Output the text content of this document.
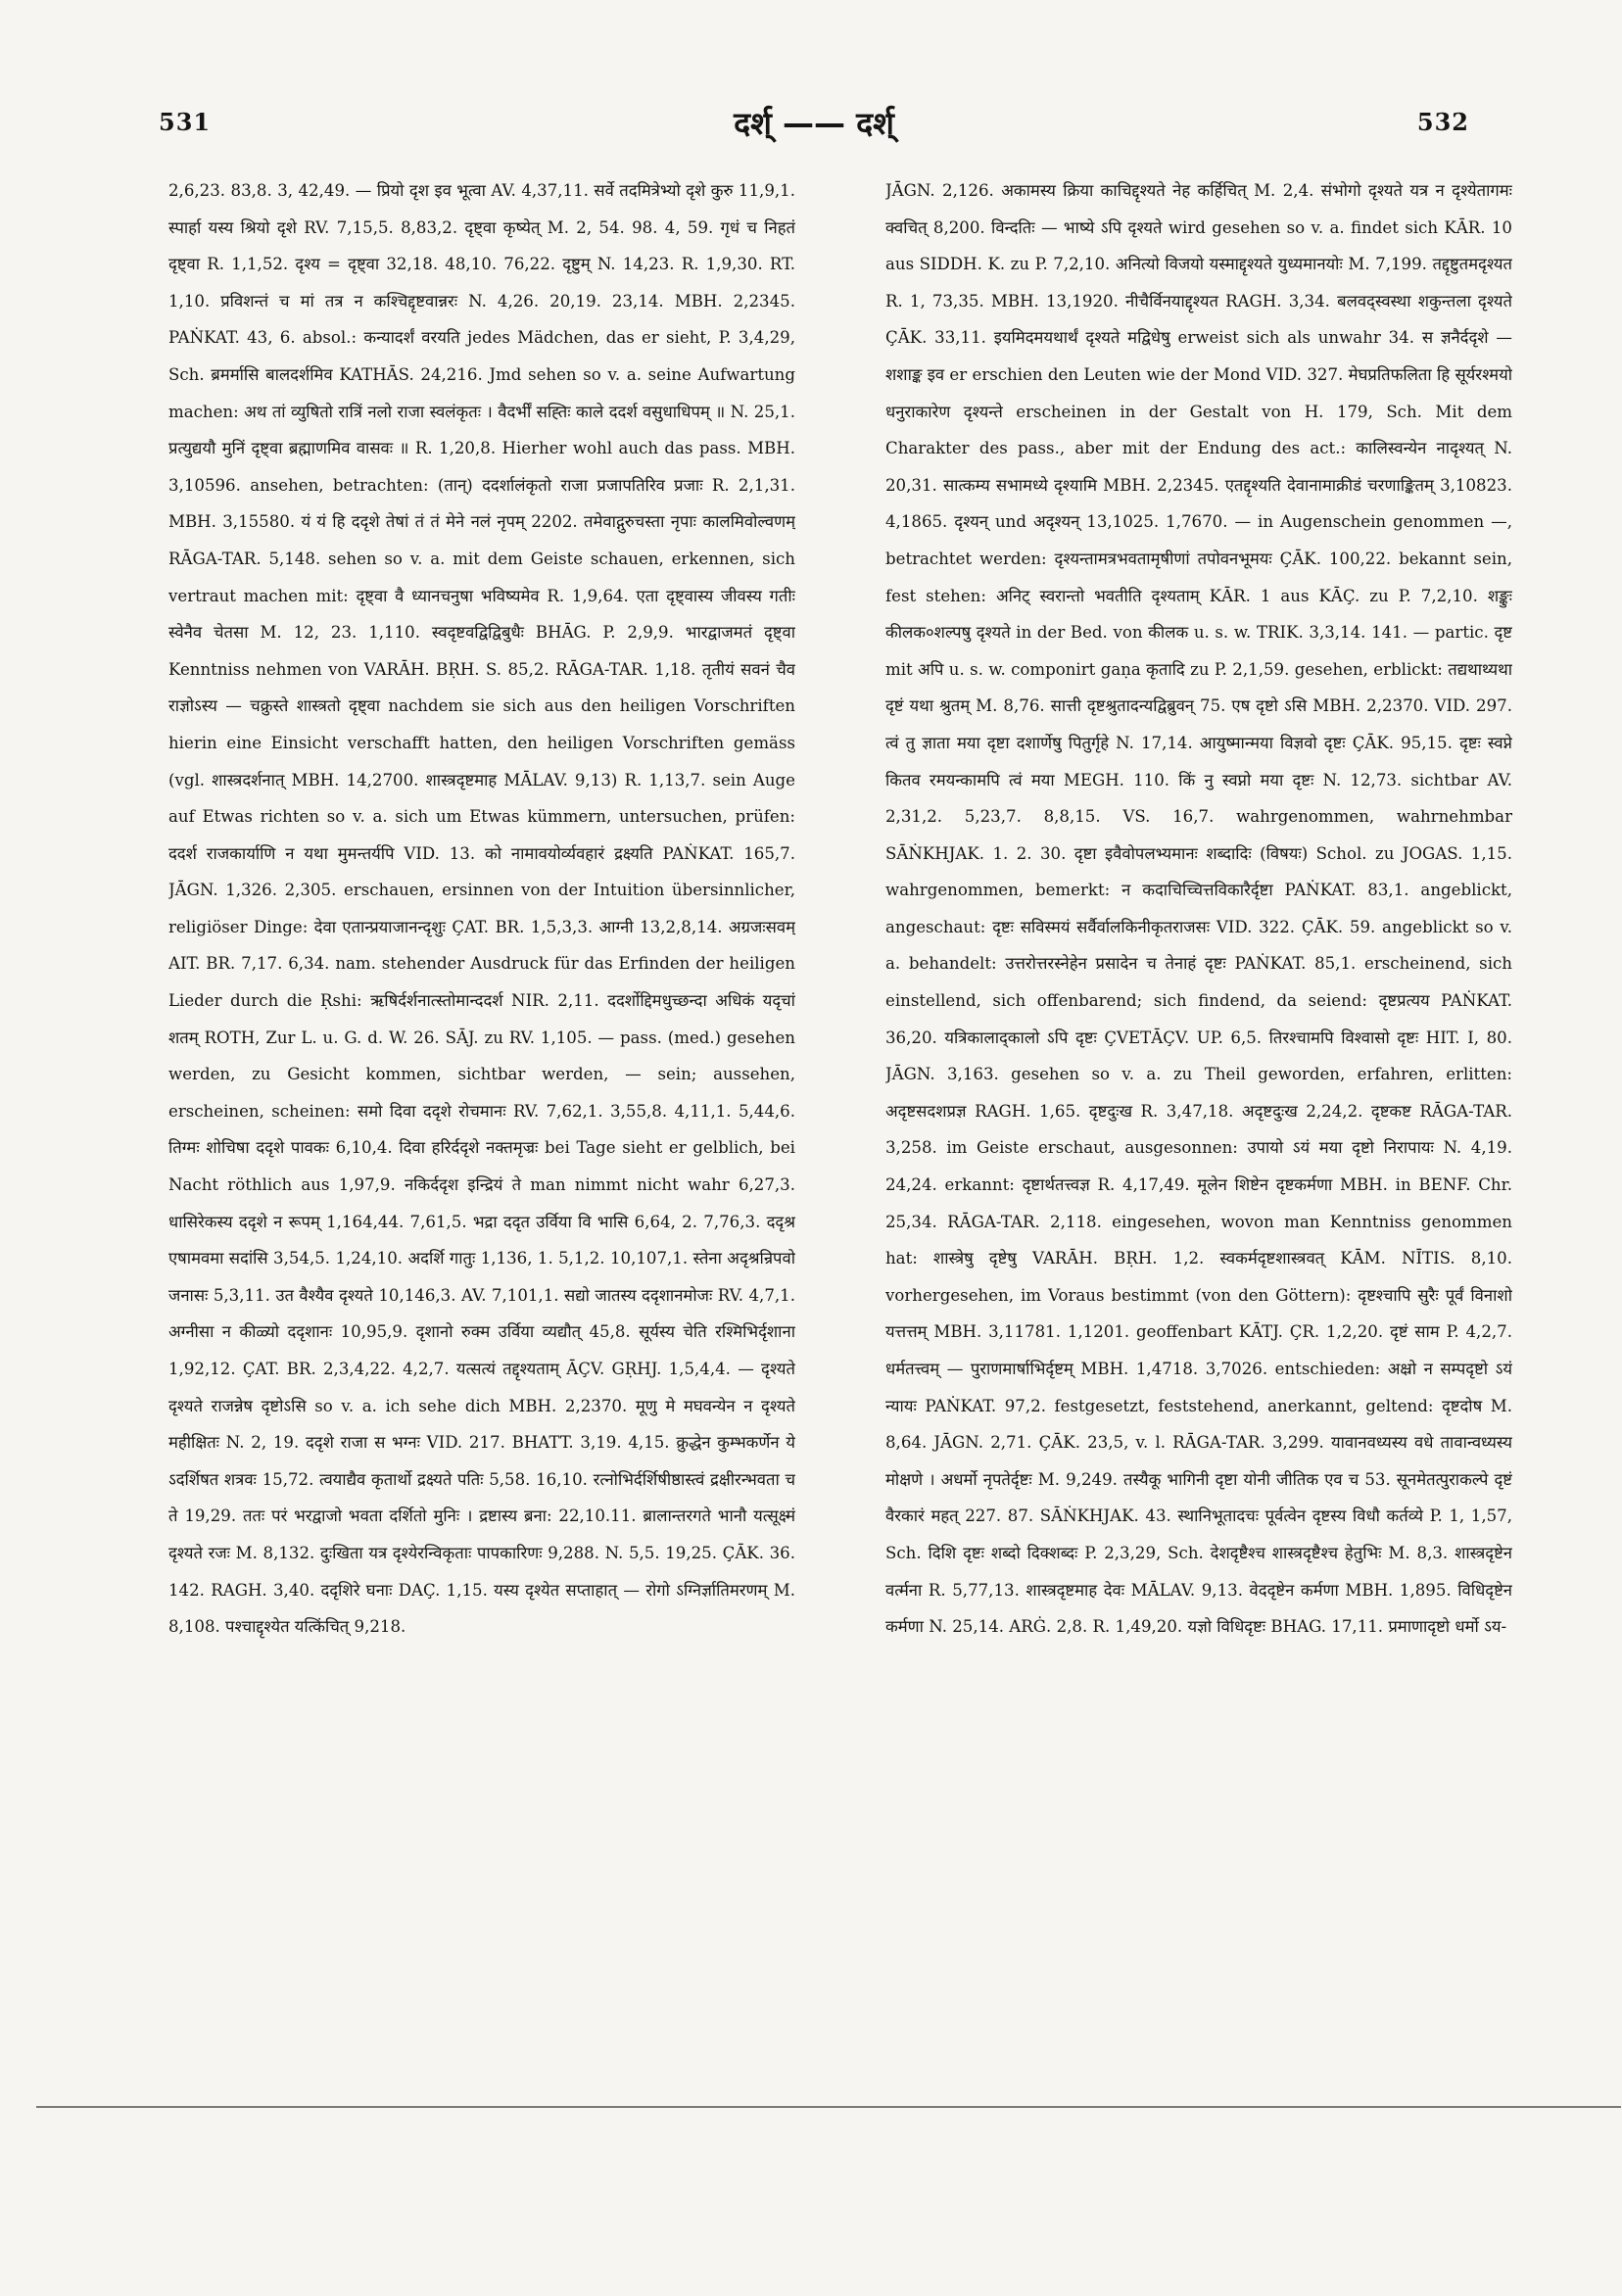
531	दर्श् —— दर्श्	532
2,6,23. 83,8. 3, 42,49. — प्रियो दृश इव भूत्वा AV. 4,37,11. सर्वे तदमित्रेभ्यो दृशे कुरु 11,9,1. स्पार्हा यस्य श्रियो दृशे RV. 7,15,5. 8,83,2. दृष्ट्वा कृष्येत् M. 2, 54. 98. 4, 59. गृधं च निहतं दृष्ट्वा R. 1,1,52. दृश्य = दृष्ट्वा 32,18. 48,10. 76,22. दृष्टुम् N. 14,23. R. 1,9,30. RT. 1,10. प्रविशन्तं च मां तत्र न कश्चिद्दृष्टवान्नरः N. 4,26. 20,19. 23,14. MBH. 2,2345. PAṄKAT. 43, 6. absol.: कन्यादर्शं वरयति jedes Mädchen, das er sieht, P. 3,4,29, Sch. ब्रमर्मासि बालदर्शमिव KATHĀS. 24,216. Jmd sehen so v. a. seine Aufwartung machen: अथ तां व्युषितो रात्रिं नलो राजा स्वलंकृतः । वैदर्भीं सह्तिः काले ददर्श वसुधाधिपम् ॥ N. 25,1. प्रत्युद्ययौ मुनिं दृष्ट्वा ब्रह्माणमिव वासवः ॥ R. 1,20,8. Hierher wohl auch das pass. MBH. 3,10596. ansehen, betrachten: (तान्) ददर्शालंकृतो राजा प्रजापतिरिव प्रजाः R. 2,1,31. MBH. 3,15580. यं यं हि ददृशे तेषां तं तं मेने नलं नृपम् 2202. तमेवाद्गुरुचस्ता नृपाः कालमिवोल्वणम् RĀGA-TAR. 5,148. sehen so v. a. mit dem Geiste schauen, erkennen, sich vertraut machen mit: दृष्ट्वा वै ध्यानचनुषा भविष्यमेव R. 1,9,64. एता दृष्ट्वास्य जीवस्य गतीः स्वेनैव चेतसा M. 12, 23. 1,110. स्वदृष्टवद्विद्विबुधैः BHĀG. P. 2,9,9. भारद्वाजमतं दृष्ट्वा Kenntniss nehmen von VARĀH. BṚH. S. 85,2. RĀGA-TAR. 1,18. तृतीयं सवनं चैव राज्ञोऽस्य — चक्रुस्ते शास्त्रतो दृष्ट्वा nachdem sie sich aus den heiligen Vorschriften hierin eine Einsicht verschafft hatten, den heiligen Vorschriften gemäss (vgl. शास्त्रदर्शनात् MBH. 14,2700. शास्त्रदृष्टमाह MĀLAV. 9,13) R. 1,13,7. sein Auge auf Etwas richten so v. a. sich um Etwas kümmern, untersuchen, prüfen: ददर्श राजकार्याणि न यथा मुमन्तर्यपि VID. 13. को नामावयोर्व्यवहारं द्रक्ष्यति PAṄKAT. 165,7. JĀGN. 1,326. 2,305. erschauen, ersinnen von der Intuition übersinnlicher, religiöser Dinge: देवा एतान्प्रयाजानन्दृशुः ÇAT. BR. 1,5,3,3. आग्नी 13,2,8,14. अग्रजःसवम् AIT. BR. 7,17. 6,34. nam. stehender Ausdruck für das Erfinden der heiligen Lieder durch die Ṛshi: ऋषिर्दर्शनात्स्तोमान्ददर्श NIR. 2,11. ददर्शोद्दिमधुच्छन्दा अधिकं यदृचां शतम् ROTH, Zur L. u. G. d. W. 26. SĀJ. zu RV. 1,105. — pass. (med.) gesehen werden, zu Gesicht kommen, sichtbar werden, — sein; aussehen, erscheinen, scheinen: समो दिवा ददृशे रोचमानः RV. 7,62,1. 3,55,8. 4,11,1. 5,44,6. तिग्मः शोचिषा ददृशे पावकः 6,10,4. दिवा हरिर्ददृशे नक्तमृज्रः bei Tage sieht er gelblich, bei Nacht röthlich aus 1,97,9. नकिर्ददृश इन्द्रियं ते man nimmt nicht wahr 6,27,3. धासिरेकस्य ददृशे न रूपम् 1,164,44. 7,61,5. भद्रा ददृत उर्विया वि भासि 6,64, 2. 7,76,3. ददृश्र एषामवमा सदांसि 3,54,5. 1,24,10. अदर्शि गातुः 1,136, 1. 5,1,2. 10,107,1. स्तेना अदृश्रन्रिपवो जनासः 5,3,11. उत वैश्यैव दृश्यते 10,146,3. AV. 7,101,1. सद्यो जातस्य ददृशानमोजः RV. 4,7,1. अग्नीसा न कीळ्यो ददृशानः 10,95,9. दृशानो रुक्म उर्विया व्यद्यौत् 45,8. सूर्यस्य चेति रश्मिभिर्दृशाना 1,92,12. ÇAT. BR. 2,3,4,22. 4,2,7. यत्सत्यं तद्दृश्यताम् ĀÇV. GṚHJ. 1,5,4,4. — दृश्यते दृश्यते राजन्नेष दृष्टोऽसि so v. a. ich sehe dich MBH. 2,2370. मूणु मे मघवन्येन न दृश्यते महीक्षितः N. 2, 19. ददृशे राजा स भग्नः VID. 217. BHATT. 3,19. 4,15. क्रुद्धेन कुम्भकर्णेन ये ऽदर्शिषत शत्रवः 15,72. त्वयाद्यैव कृतार्थो द्रक्ष्यते पतिः 5,58. 16,10. रत्नोभिर्दर्शिषीष्ठास्त्वं द्रक्षीरन्भवता च ते 19,29. ततः परं भरद्वाजो भवता दर्शितो मुनिः । द्रष्टास्य ब्रना: 22,10.11. ब्रालान्तरगते भानौ यत्सूक्ष्मं दृश्यते रजः M. 8,132. दुःखिता यत्र दृश्येरन्विकृताः पापकारिणः 9,288. N. 5,5. 19,25. ÇĀK. 36. 142. RAGH. 3,40. ददृशिरे घनाः DAÇ. 1,15. यस्य दृश्येत सप्ताहात् — रोगो ऽग्निर्ज्ञातिमरणम् M. 8,108. पश्चाद्दृश्येत यत्किंचित् 9,218.
JĀGN. 2,126. अकामस्य क्रिया काचिद्दृश्यते नेह कर्हिचित् M. 2,4. संभोगो दृश्यते यत्र न दृश्येतागमः क्वचित् 8,200. विन्दतिः — भाष्ये ऽपि दृश्यते wird gesehen so v. a. findet sich KĀR. 10 aus SIDDH. K. zu P. 7,2,10. अनित्यो विजयो यस्माद्दृश्यते युध्यमानयोः M. 7,199. तद्दृष्टुतमदृश्यत R. 1, 73,35. MBH. 13,1920. नीचैर्विनयाद्दृश्यत RAGH. 3,34. बलवद्स्वस्था शकुन्तला दृश्यते ÇĀK. 33,11. इयमिदमयथार्थं दृश्यते मद्विधेषु erweist sich als unwahr 34. स ज्ञनैर्ददृशे — शशाङ्क इव er erschien den Leuten wie der Mond VID. 327. मेघप्रतिफलिता हि सूर्यरश्मयो धनुराकारेण दृश्यन्ते erscheinen in der Gestalt von H. 179, Sch. Mit dem Charakter des pass., aber mit der Endung des act.: कालिस्वन्येन नादृश्यत् N. 20,31. सात्कम्य सभामध्ये दृश्यामि MBH. 2,2345. एतद्दृश्यति देवानामाक्रीडं चरणाङ्कितम् 3,10823. 4,1865. दृश्यन् und अदृश्यन् 13,1025. 1,7670. — in Augenschein genommen —, betrachtet werden: दृश्यन्तामत्रभवतामृषीणां तपोवनभूमयः ÇĀK. 100,22. bekannt sein, fest stehen: अनिट् स्वरान्तो भवतीति दृश्यताम् KĀR. 1 aus KĀÇ. zu P. 7,2,10. शङ्कुः कीलक०शल्पषु दृश्यते in der Bed. von कीलक u. s. w. TRIK. 3,3,14. 141. — partic. दृष्ट mit अपि u. s. w. componirt gaṇa कृतादि zu P. 2,1,59. gesehen, erblickt: तद्यथाथ्यथा दृष्टं यथा श्रुतम् M. 8,76. सात्ती दृष्टश्रुतादन्यद्विब्रुवन् 75. एष दृष्टो ऽसि MBH. 2,2370. VID. 297. त्वं तु ज्ञाता मया दृष्टा दशार्णेषु पितुर्गृहे N. 17,14. आयुष्मान्मया विज्ञवो दृष्टः ÇĀK. 95,15. दृष्टः स्वप्ने कितव रमयन्कामपि त्वं मया MEGH. 110. किं नु स्वप्नो मया दृष्टः N. 12,73. sichtbar AV. 2,31,2. 5,23,7. 8,8,15. VS. 16,7. wahrgenommen, wahrnehmbar SĀṄKHJAK. 1. 2. 30. दृष्टा इवैवोपलभ्यमानः शब्दादिः (विषयः) Schol. zu JOGAS. 1,15. wahrgenommen, bemerkt: न कदाचिच्चित्तविकारैर्दृष्टा PAṄKAT. 83,1. angeblickt, angeschaut: दृष्टः सविस्मयं सर्वैर्वालकिनीकृतराजसः VID. 322. ÇĀK. 59. angeblickt so v. a. behandelt: उत्तरोत्तरस्नेहेन प्रसादेन च तेनाहं दृष्टः PAṄKAT. 85,1. erscheinend, sich einstellend, sich offenbarend; sich findend, da seiend: दृष्टप्रत्यय PAṄKAT. 36,20. यत्रिकालाद्कालो ऽपि दृष्टः ÇVETĀÇV. UP. 6,5. तिरश्चामपि विश्वासो दृष्टः HIT. I, 80. JĀGN. 3,163. gesehen so v. a. zu Theil geworden, erfahren, erlitten: अदृष्टसदशप्रज्ञ RAGH. 1,65. दृष्टदुःख R. 3,47,18. अदृष्टदुःख 2,24,2. दृष्टकष्ट RĀGA-TAR. 3,258. im Geiste erschaut, ausgesonnen: उपायो ऽयं मया दृष्टो निरापायः N. 4,19. 24,24. erkannt: दृष्टार्थतत्त्वज्ञ R. 4,17,49. मूलेन शिष्टेन दृष्टकर्मणा MBH. in BENF. Chr. 25,34. RĀGA-TAR. 2,118. eingesehen, wovon man Kenntniss genommen hat: शास्त्रेषु दृष्टेषु VARĀH. BṚH. 1,2. स्वकर्मदृष्टशास्त्रवत् KĀM. NĪTIS. 8,10. vorhergesehen, im Voraus bestimmt (von den Göttern): दृष्टश्चापि सुरैः पूर्वं विनाशो यत्तत्तम् MBH. 3,11781. 1,1201. geoffenbart KĀTJ. ÇR. 1,2,20. दृष्टं साम P. 4,2,7. धर्मतत्त्वम् — पुराणमार्षाभिर्दृष्टम् MBH. 1,4718. 3,7026. entschieden: अक्ष्रो न सम्पदृष्टो ऽयं न्यायः PAṄKAT. 97,2. festgesetzt, feststehend, anerkannt, geltend: दृष्टदोष M. 8,64. JĀGN. 2,71. ÇĀK. 23,5, v. l. RĀGA-TAR. 3,299. यावानवध्यस्य वधे तावान्वध्यस्य मोक्षणे । अधर्मो नृपतेर्दृष्टः M. 9,249. तस्यैकू भागिनी दृष्टा योनी जीतिक एव च 53. सूनमेतत्पुराकल्पे दृष्टं वैरकारं महत् 227. 87. SĀṄKHJAK. 43. स्थानिभूतादचः पूर्वत्वेन दृष्टस्य विधौ कर्तव्ये P. 1, 1,57, Sch. दिशि दृष्टः शब्दो दिक्शब्दः P. 2,3,29, Sch. देशदृष्टैश्च शास्त्रदृष्टैश्च हेतुभिः M. 8,3. शास्त्रदृष्टेन वर्त्मना R. 5,77,13. शास्त्रदृष्टमाह देवः MĀLAV. 9,13. वेददृष्टेन कर्मणा MBH. 1,895. विधिदृष्टेन कर्मणा N. 25,14. ARĠ. 2,8. R. 1,49,20. यज्ञो विधिदृष्टः BHAG. 17,11. प्रमाणादृष्टो धर्मो ऽय-
